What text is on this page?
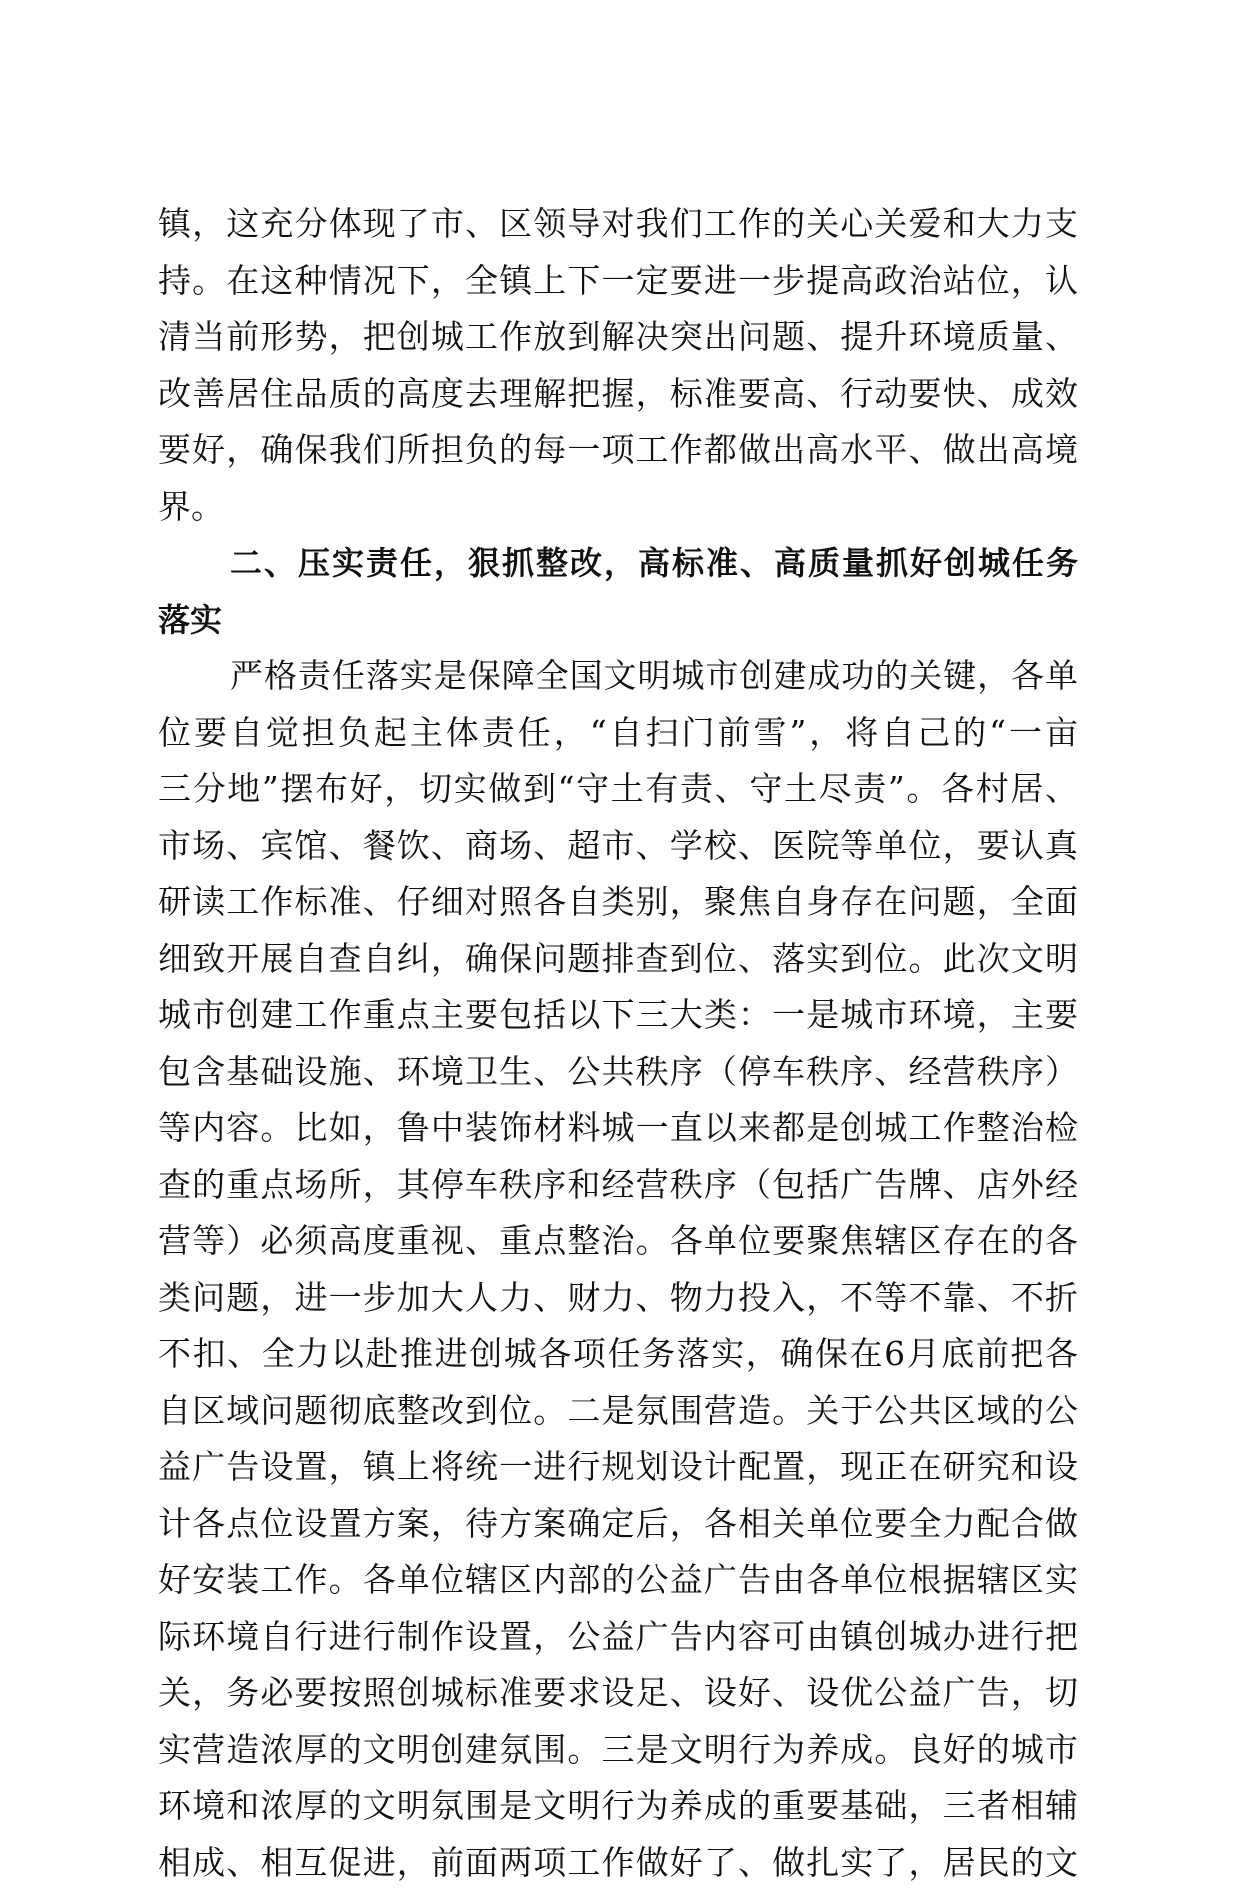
镇，这充分体现了市、区领导对我们工作的关心关爱和大力支
持。在这种情况下，全镇上下一定要进一步提高政治站位，认
清当前形势，把创城工作放到解决突出问题、提升环境质量、
改善居住品质的高度去理解把握，标准要高、行动要快、成效
要好，确保我们所担负的每一项工作都做出高水平、做出高境
界。
二、压实责任，狠抓整改，高标准、高质量抓好创城任务
落实
严格责任落实是保障全国文明城市创建成功的关键，各单
位要自觉担负起主体责任，“自扫门前雪”，将自己的“一亩
三分地”摆布好，切实做到“守土有责、守土尽责”。各村居、
市场、宾馆、餐饮、商场、超市、学校、医院等单位，要认真
研读工作标准、仔细对照各自类别，聚焦自身存在问题，全面
细致开展自查自纠，确保问题排查到位、落实到位。此次文明
城市创建工作重点主要包括以下三大类：一是城市环境，主要
包含基础设施、环境卫生、公共秩序（停车秩序、经营秩序）
等内容。比如，鲁中装饰材料城一直以来都是创城工作整治检
查的重点场所，其停车秩序和经营秩序（包括广告牌、店外经
营等）必须高度重视、重点整治。各单位要聚焦辖区存在的各
类问题，进一步加大人力、财力、物力投入，不等不靠、不折
不扣、全力以赴推进创城各项任务落实，确保在6月底前把各
自区域问题彻底整改到位。二是氛围营造。关于公共区域的公
益广告设置，镇上将统一进行规划设计配置，现正在研究和设
计各点位设置方案，待方案确定后，各相关单位要全力配合做
好安装工作。各单位辖区内部的公益广告由各单位根据辖区实
际环境自行进行制作设置，公益广告内容可由镇创城办进行把
关，务必要按照创城标准要求设足、设好、设优公益广告，切
实营造浓厚的文明创建氛围。三是文明行为养成。良好的城市
环境和浓厚的文明氛围是文明行为养成的重要基础，三者相辅
相成、相互促进，前面两项工作做好了、做扎实了，居民的文
